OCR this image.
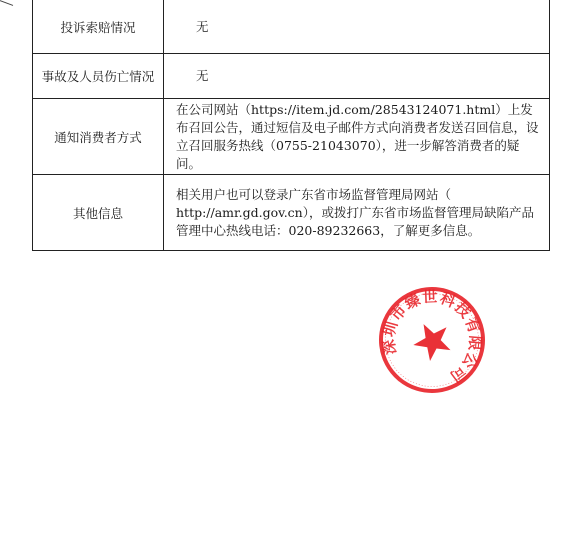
投诉索赔情况	无
事故及人员伤亡情况	无
通知消费者方式	在公司网站（https://item.jd.com/28543124071.html）上发布召回公告，通过短信及电子邮件方式向消费者发送召回信息，设立召回服务热线（0755-21043070），进一步解答消费者的疑问。
其他信息	相关用户也可以登录广东省市场监督管理局网站（ http://amr.gd.gov.cn），或拨打广东省市场监督管理局缺陷产品管理中心热线电话：020-89232663，了解更多信息。
深圳市臻世科技有限公司
